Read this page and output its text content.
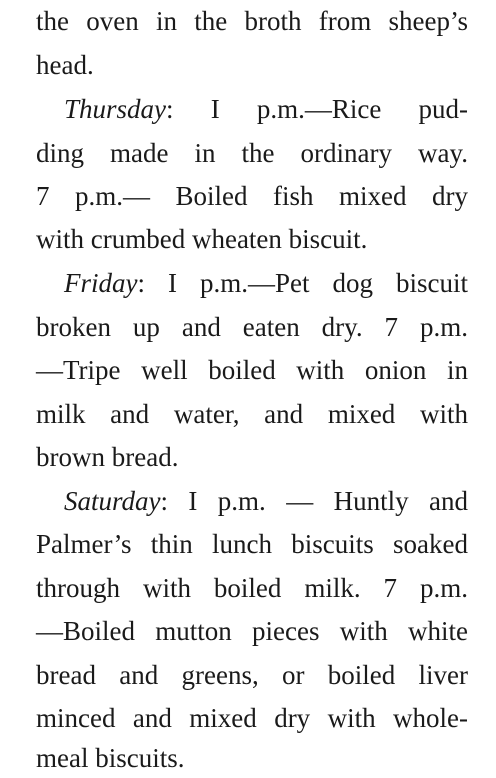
the oven in the broth from sheep’s
head.
Thursday: I p.m.—Rice pud-
ding made in the ordinary way.
7 p.m.— Boiled fish mixed dry
with crumbed wheaten biscuit.
Friday: I p.m.—Pet dog biscuit
broken up and eaten dry. 7 p.m.
—Tripe well boiled with onion in
milk and water, and mixed with
brown bread.
Saturday: I p.m. — Huntly and
Palmer’s thin lunch biscuits soaked
through with boiled milk. 7 p.m.
—Boiled mutton pieces with white
bread and greens, or boiled liver
minced and mixed dry with whole-
meal biscuits.
